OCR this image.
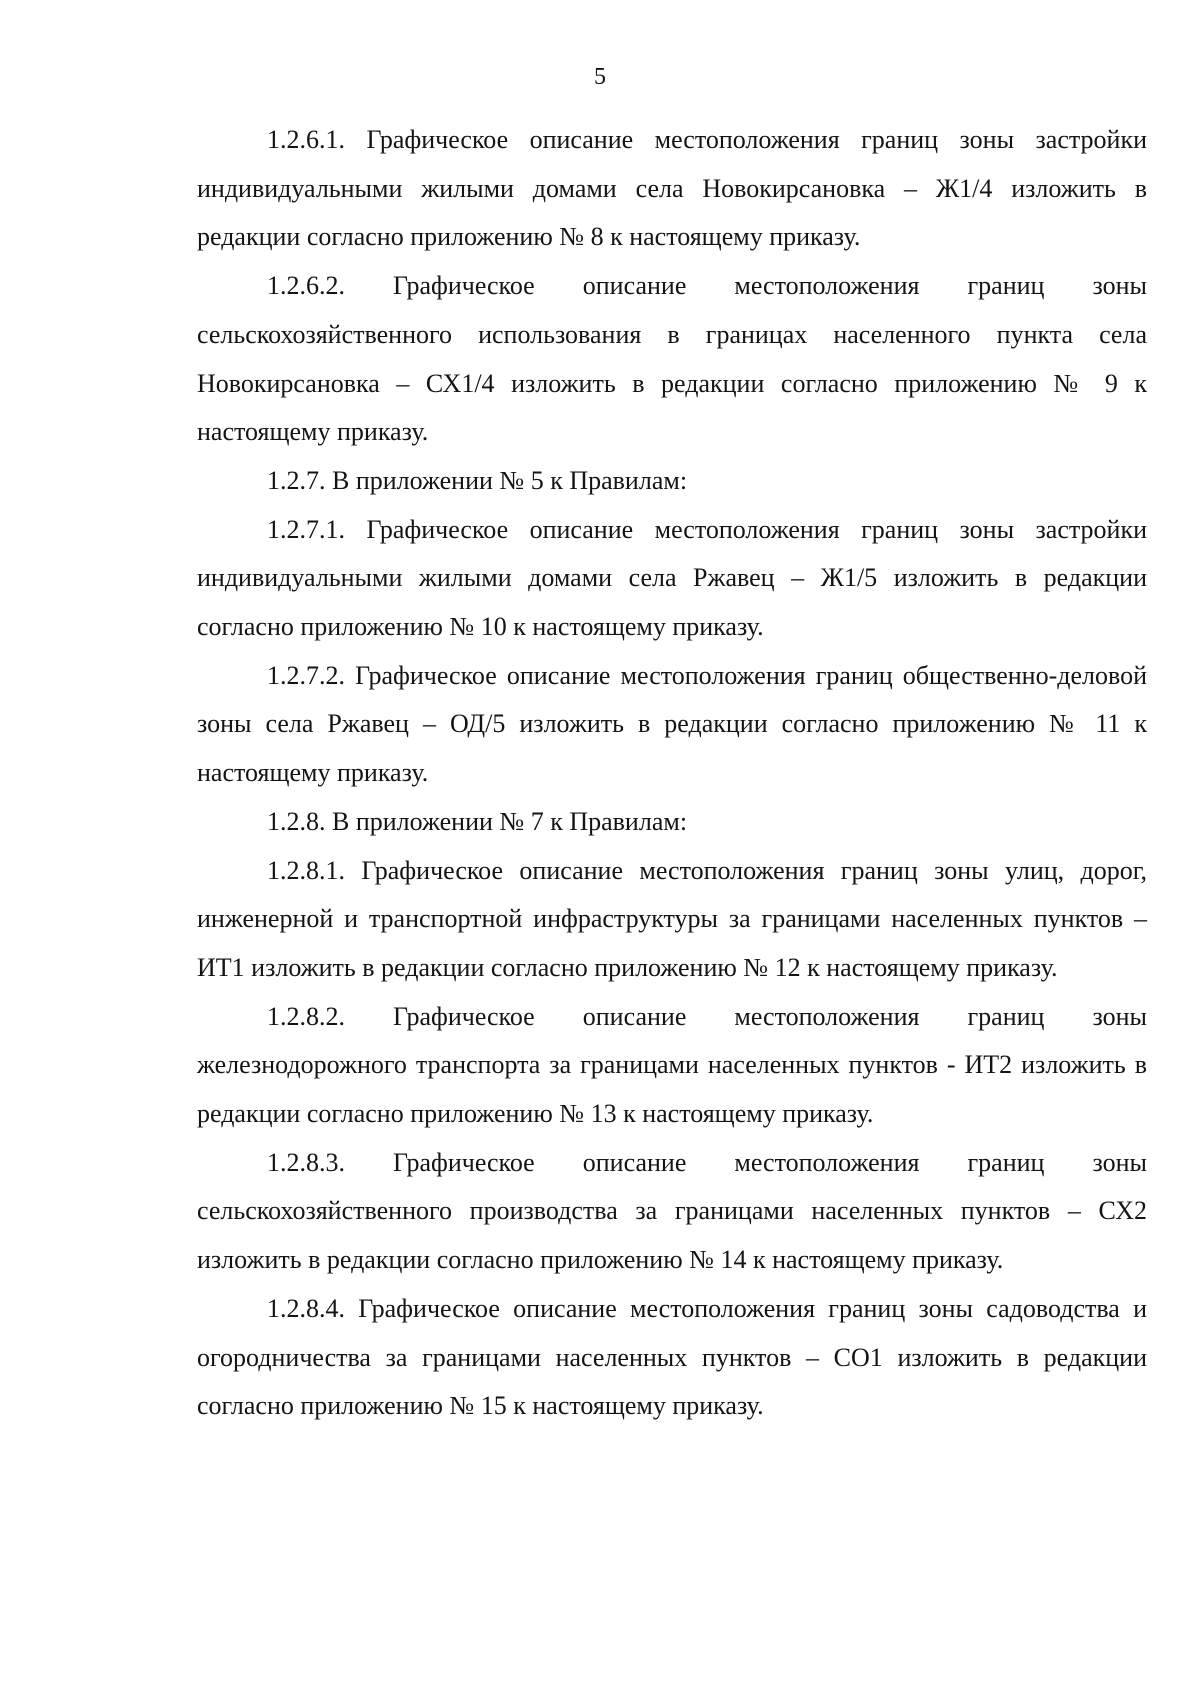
5

1.2.6.1. Графическое описание местоположения границ зоны застройки индивидуальными жилыми домами села Новокирсановка – Ж1/4 изложить в редакции согласно приложению № 8 к настоящему приказу.

1.2.6.2. Графическое описание местоположения границ зоны сельскохозяйственного использования в границах населенного пункта села Новокирсановка – СХ1/4 изложить в редакции согласно приложению № 9 к настоящему приказу.

1.2.7. В приложении № 5 к Правилам:

1.2.7.1. Графическое описание местоположения границ зоны застройки индивидуальными жилыми домами села Ржавец – Ж1/5 изложить в редакции согласно приложению № 10 к настоящему приказу.

1.2.7.2. Графическое описание местоположения границ общественно-деловой зоны села Ржавец – ОД/5 изложить в редакции согласно приложению № 11 к настоящему приказу.

1.2.8. В приложении № 7 к Правилам:

1.2.8.1. Графическое описание местоположения границ зоны улиц, дорог, инженерной и транспортной инфраструктуры за границами населенных пунктов – ИТ1 изложить в редакции согласно приложению № 12 к настоящему приказу.

1.2.8.2. Графическое описание местоположения границ зоны железнодорожного транспорта за границами населенных пунктов - ИТ2 изложить в редакции согласно приложению № 13 к настоящему приказу.

1.2.8.3. Графическое описание местоположения границ зоны сельскохозяйственного производства за границами населенных пунктов – СХ2 изложить в редакции согласно приложению № 14 к настоящему приказу.

1.2.8.4. Графическое описание местоположения границ зоны садоводства и огородничества за границами населенных пунктов – СО1 изложить в редакции согласно приложению № 15 к настоящему приказу.
